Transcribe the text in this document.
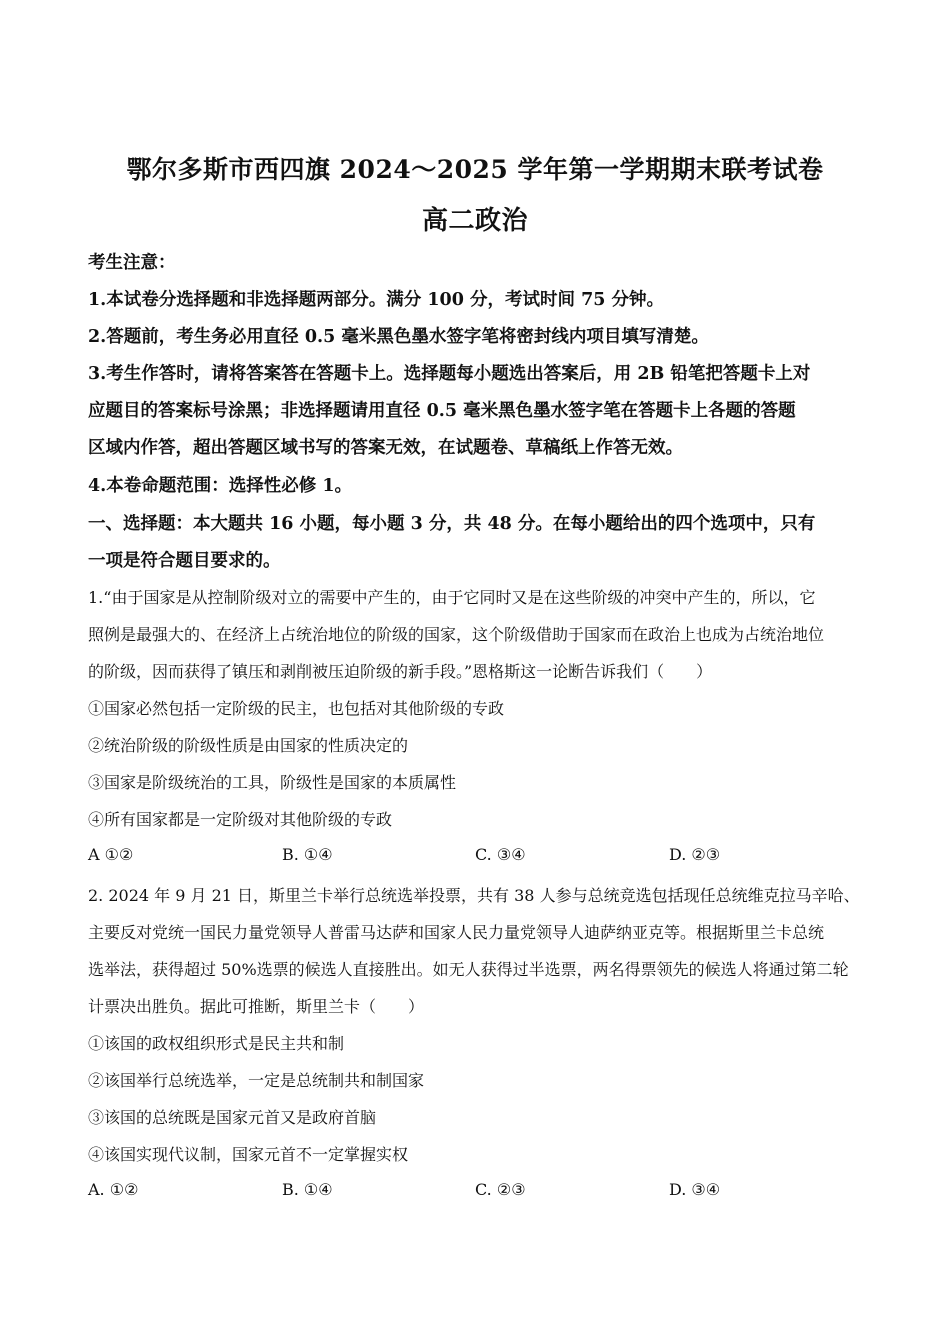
鄂尔多斯市西四旗 2024～2025 学年第一学期期末联考试卷
高二政治
考生注意：
1.本试卷分选择题和非选择题两部分。满分 100 分，考试时间 75 分钟。
2.答题前，考生务必用直径 0.5 毫米黑色墨水签字笔将密封线内项目填写清楚。
3.考生作答时，请将答案答在答题卡上。选择题每小题选出答案后，用 2B 铅笔把答题卡上对
应题目的答案标号涂黑；非选择题请用直径 0.5 毫米黑色墨水签字笔在答题卡上各题的答题
区域内作答，超出答题区域书写的答案无效，在试题卷、草稿纸上作答无效。
4.本卷命题范围：选择性必修 1。
一、选择题：本大题共 16 小题，每小题 3 分，共 48 分。在每小题给出的四个选项中，只有
一项是符合题目要求的。
1.“由于国家是从控制阶级对立的需要中产生的，由于它同时又是在这些阶级的冲突中产生的，所以，它
照例是最强大的、在经济上占统治地位的阶级的国家，这个阶级借助于国家而在政治上也成为占统治地位
的阶级，因而获得了镇压和剥削被压迫阶级的新手段。”恩格斯这一论断告诉我们（　　）
①国家必然包括一定阶级的民主，也包括对其他阶级的专政
②统治阶级的阶级性质是由国家的性质决定的
③国家是阶级统治的工具，阶级性是国家的本质属性
④所有国家都是一定阶级对其他阶级的专政
A ①②	B. ①④	C. ③④	D. ②③
2. 2024 年 9 月 21 日，斯里兰卡举行总统选举投票，共有 38 人参与总统竞选包括现任总统维克拉马辛哈、
主要反对党统一国民力量党领导人普雷马达萨和国家人民力量党领导人迪萨纳亚克等。根据斯里兰卡总统
选举法，获得超过 50%选票的候选人直接胜出。如无人获得过半选票，两名得票领先的候选人将通过第二轮
计票决出胜负。据此可推断，斯里兰卡（　　）
①该国的政权组织形式是民主共和制
②该国举行总统选举，一定是总统制共和制国家
③该国的总统既是国家元首又是政府首脑
④该国实现代议制，国家元首不一定掌握实权
A. ①②	B. ①④	C. ②③	D. ③④
